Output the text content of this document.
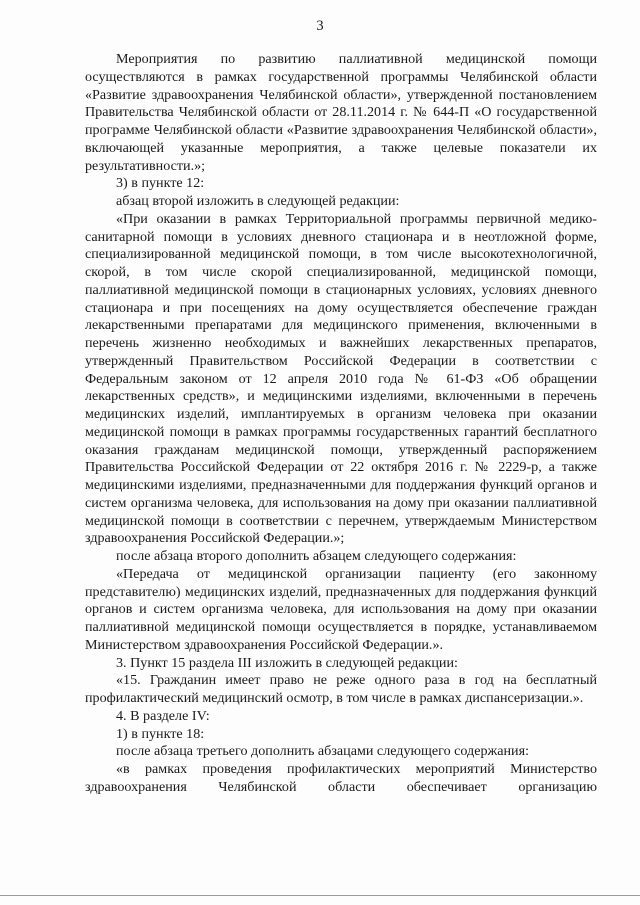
3

Мероприятия по развитию паллиативной медицинской помощи осуществляются в рамках государственной программы Челябинской области «Развитие здравоохранения Челябинской области», утвержденной постановлением Правительства Челябинской области от 28.11.2014 г. № 644-П «О государственной программе Челябинской области «Развитие здравоохранения Челябинской области», включающей указанные мероприятия, а также целевые показатели их результативности.»;

3) в пункте 12:

абзац второй изложить в следующей редакции:

«При оказании в рамках Территориальной программы первичной медико-санитарной помощи в условиях дневного стационара и в неотложной форме, специализированной медицинской помощи, в том числе высокотехнологичной, скорой, в том числе скорой специализированной, медицинской помощи, паллиативной медицинской помощи в стационарных условиях, условиях дневного стационара и при посещениях на дому осуществляется обеспечение граждан лекарственными препаратами для медицинского применения, включенными в перечень жизненно необходимых и важнейших лекарственных препаратов, утвержденный Правительством Российской Федерации в соответствии с Федеральным законом от 12 апреля 2010 года № 61-ФЗ «Об обращении лекарственных средств», и медицинскими изделиями, включенными в перечень медицинских изделий, имплантируемых в организм человека при оказании медицинской помощи в рамках программы государственных гарантий бесплатного оказания гражданам медицинской помощи, утвержденный распоряжением Правительства Российской Федерации от 22 октября 2016 г. № 2229-р, а также медицинскими изделиями, предназначенными для поддержания функций органов и систем организма человека, для использования на дому при оказании паллиативной медицинской помощи в соответствии с перечнем, утверждаемым Министерством здравоохранения Российской Федерации.»;

после абзаца второго дополнить абзацем следующего содержания:

«Передача от медицинской организации пациенту (его законному представителю) медицинских изделий, предназначенных для поддержания функций органов и систем организма человека, для использования на дому при оказании паллиативной медицинской помощи осуществляется в порядке, устанавливаемом Министерством здравоохранения Российской Федерации.».

3. Пункт 15 раздела III изложить в следующей редакции:

«15. Гражданин имеет право не реже одного раза в год на бесплатный профилактический медицинский осмотр, в том числе в рамках диспансеризации.».

4. В разделе IV:

1) в пункте 18:

после абзаца третьего дополнить абзацами следующего содержания:

«в рамках проведения профилактических мероприятий Министерство здравоохранения Челябинской области обеспечивает организацию
